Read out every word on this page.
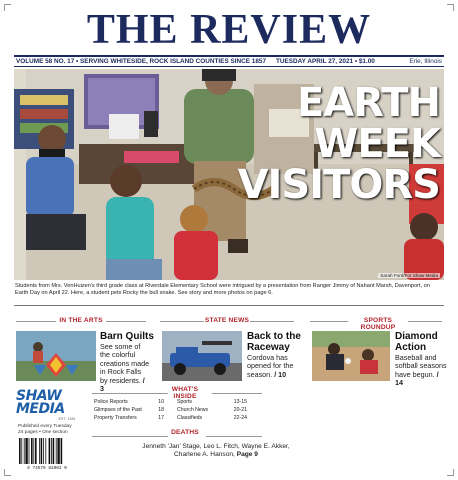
THE REVIEW
VOLUME 58 NO. 17 • SERVING WHITESIDE, ROCK ISLAND COUNTIES SINCE 1857 TUESDAY APRIL 27, 2021 • $1.00	Erie, Illinois
EARTH
WEEK
VISITORS
Sarah Ford/For Shaw Media
Students from Mrs. VenHuizen's third grade class at Riverdale Elementary School were intrigued by a presentation from Ranger Jimmy of Nahant Marsh, Davenport, on Earth Day on April 22. Here, a student pets Rocky the bull snake. See story and more photos on page 6.
IN THE ARTS
Barn Quilts
See some of the colorful creations made in Rock Falls by residents. / 3
STATE NEWS
Back to the
Raceway
Cordova has opened for the season. / 10
SPORTS ROUNDUP
Diamond
Action
Baseball and softball seasons have begun. / 14
SHAW
MEDIA
EST. 1851
Published every Tuesday
24 pages • One section
WHAT'S INSIDE
Police Reports	10
Glimpses of the Past	18
Property Transfers	17
Sports	13-15
Church News	20-21
Classifieds	22-24
DEATHS
Jenneth 'Jan' Stage, Leo L. Fitch, Wayne E. Akker,
Charlene A. Hanson, Page 9
6 74579 82002 0
